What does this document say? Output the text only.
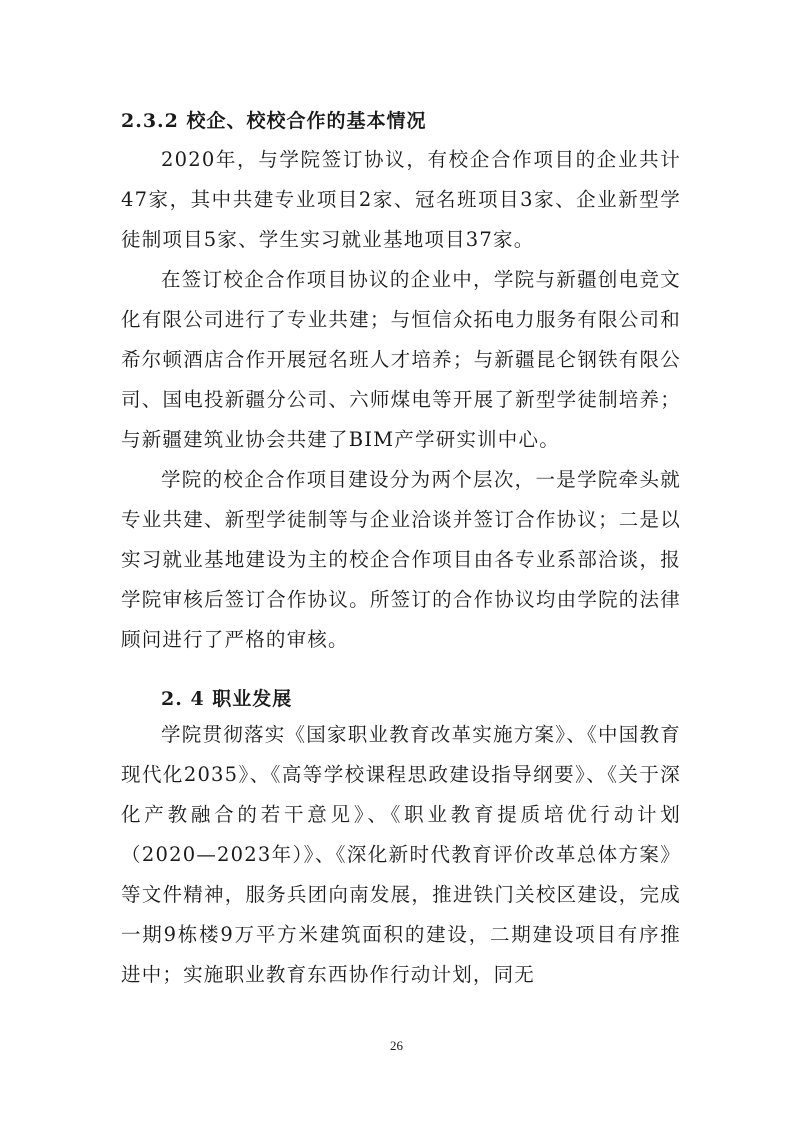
2.3.2 校企、校校合作的基本情况

2020年，与学院签订协议，有校企合作项目的企业共计47家，其中共建专业项目2家、冠名班项目3家、企业新型学徒制项目5家、学生实习就业基地项目37家。

在签订校企合作项目协议的企业中，学院与新疆创电竞文化有限公司进行了专业共建；与恒信众拓电力服务有限公司和希尔顿酒店合作开展冠名班人才培养；与新疆昆仑钢铁有限公司、国电投新疆分公司、六师煤电等开展了新型学徒制培养；与新疆建筑业协会共建了BIM产学研实训中心。

学院的校企合作项目建设分为两个层次，一是学院牵头就专业共建、新型学徒制等与企业洽谈并签订合作协议；二是以实习就业基地建设为主的校企合作项目由各专业系部洽谈，报学院审核后签订合作协议。所签订的合作协议均由学院的法律顾问进行了严格的审核。

2. 4 职业发展

学院贯彻落实《国家职业教育改革实施方案》、《中国教育现代化2035》、《高等学校课程思政建设指导纲要》、《关于深化产教融合的若干意见》、《职业教育提质培优行动计划（2020—2023年）》、《深化新时代教育评价改革总体方案》等文件精神，服务兵团向南发展，推进铁门关校区建设，完成一期9栋楼9万平方米建筑面积的建设，二期建设项目有序推进中；实施职业教育东西协作行动计划，同无

26
